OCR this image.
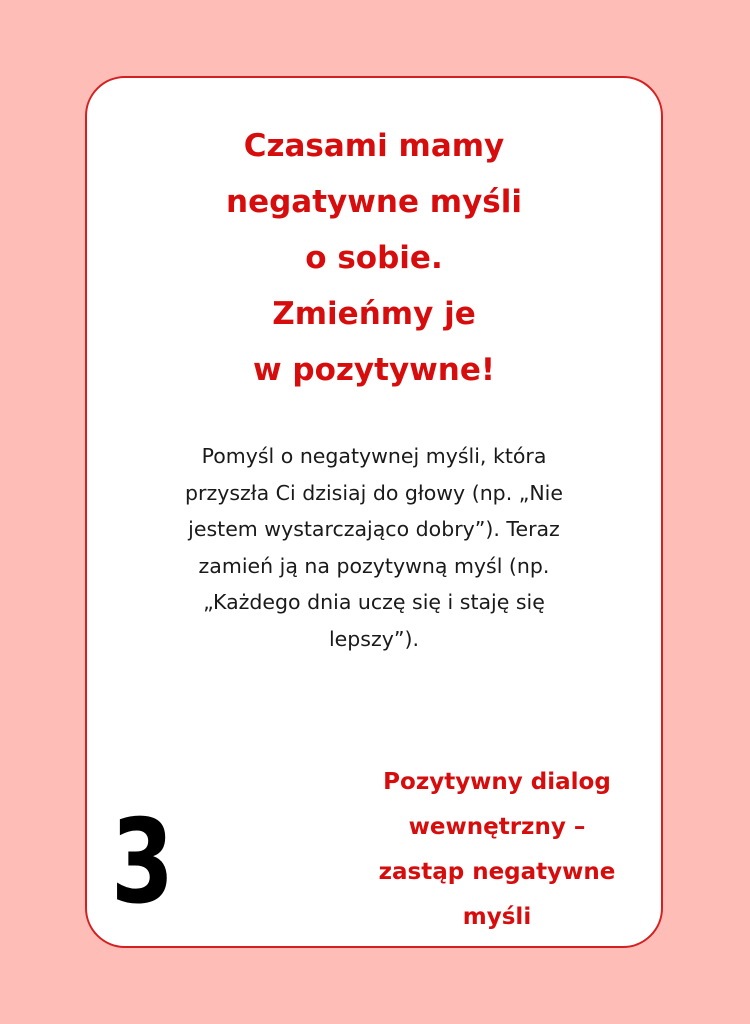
Czasami mamy
negatywne myśli
o sobie.
Zmieńmy je
w pozytywne!
Pomyśl o negatywnej myśli, która
przyszła Ci dzisiaj do głowy (np. „Nie
jestem wystarczająco dobry”). Teraz
zamień ją na pozytywną myśl (np.
„Każdego dnia uczę się i staję się
lepszy”).
3
Pozytywny dialog
wewnętrzny –
zastąp negatywne
myśli
